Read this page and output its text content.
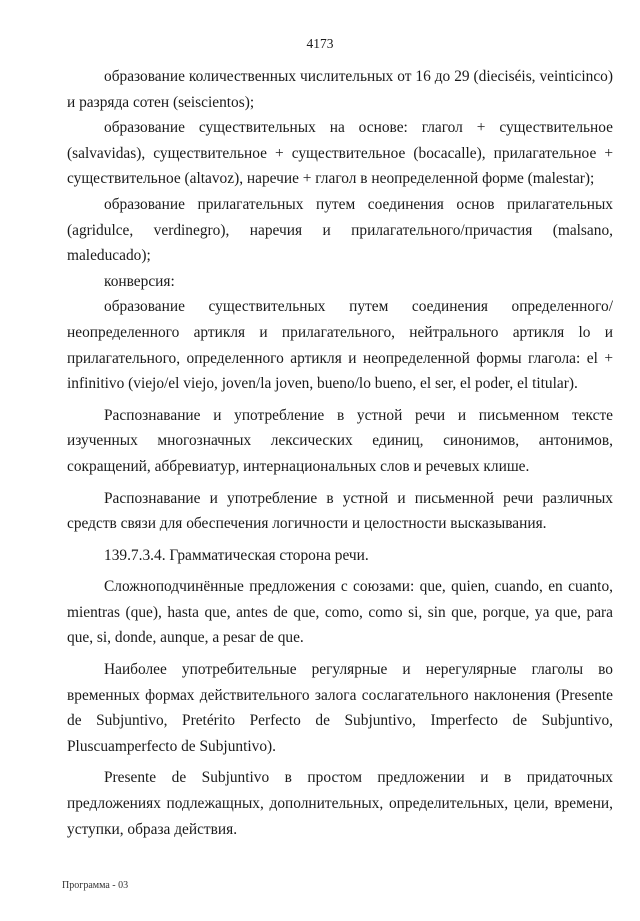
4173

образование количественных числительных от 16 до 29 (dieciséis, veinticinco) и разряда сотен (seiscientos);

образование существительных на основе: глагол + существительное (salvavidas), существительное + существительное (bocacalle), прилагательное + существительное (altavoz), наречие + глагол в неопределенной форме (malestar);

образование прилагательных путем соединения основ прилагательных (agridulce, verdinegro), наречия и прилагательного/причастия (malsano, maleducado);

конверсия:

образование существительных путем соединения определенного/неопределенного артикля и прилагательного, нейтрального артикля lo и прилагательного, определенного артикля и неопределенной формы глагола: el + infinitivo (viejo/el viejo, joven/la joven, bueno/lo bueno, el ser, el poder, el titular).

Распознавание и употребление в устной речи и письменном тексте изученных многозначных лексических единиц, синонимов, антонимов, сокращений, аббревиатур, интернациональных слов и речевых клише.

Распознавание и употребление в устной и письменной речи различных средств связи для обеспечения логичности и целостности высказывания.

139.7.3.4. Грамматическая сторона речи.

Сложноподчинённые предложения с союзами: que, quien, cuando, en cuanto, mientras (que), hasta que, antes de que, como, como si, sin que, porque, ya que, para que, si, donde, aunque, a pesar de que.

Наиболее употребительные регулярные и нерегулярные глаголы во временных формах действительного залога сослагательного наклонения (Presente de Subjuntivo, Pretérito Perfecto de Subjuntivo, Imperfecto de Subjuntivo, Pluscuamperfecto de Subjuntivo).

Presente de Subjuntivo в простом предложении и в придаточных предложениях подлежащных, дополнительных, определительных, цели, времени, уступки, образа действия.

Программа - 03
